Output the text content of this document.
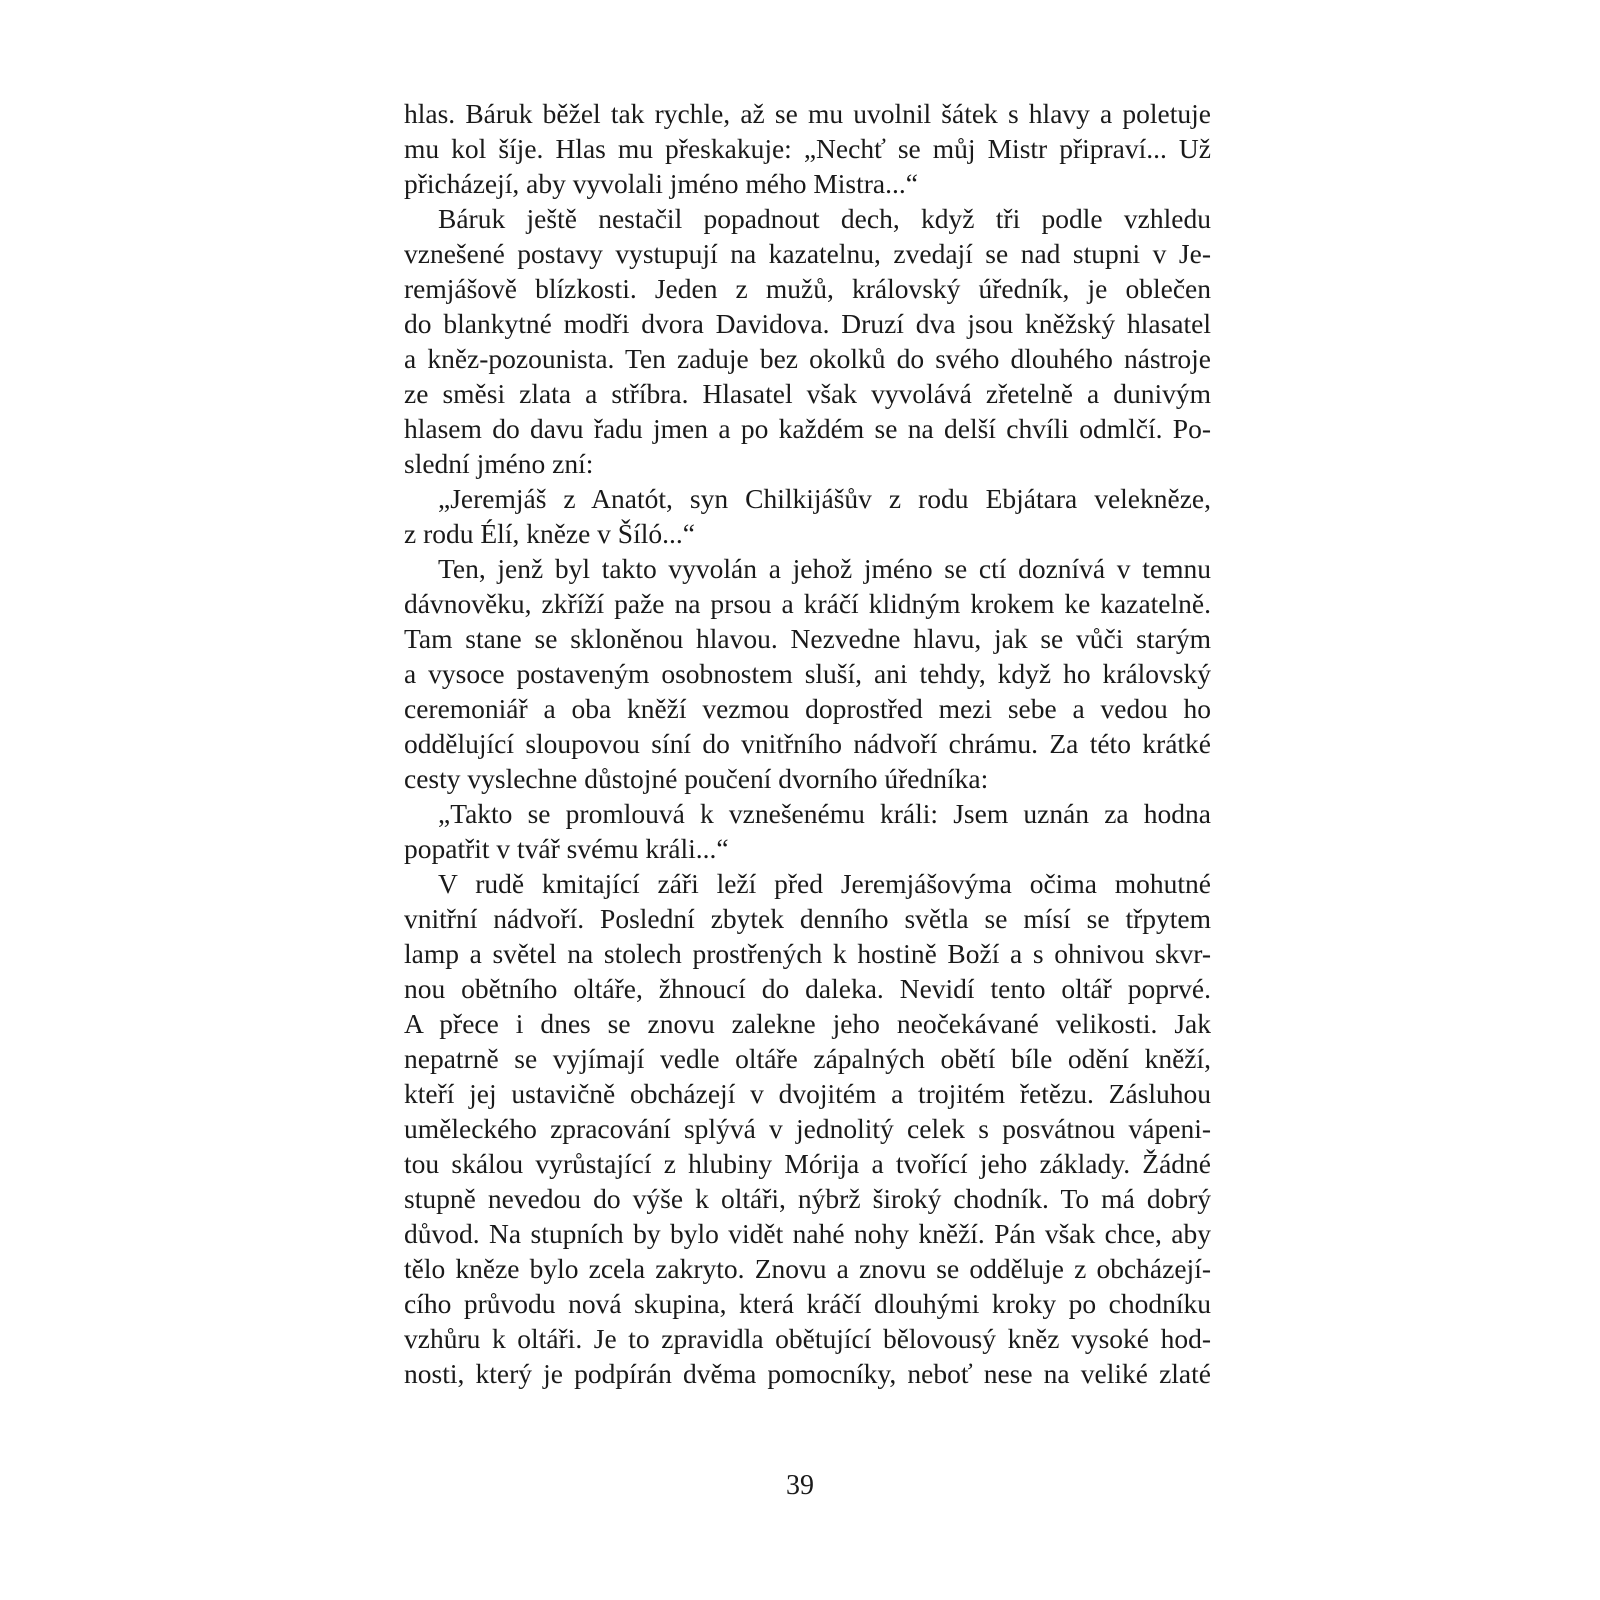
hlas. Báruk běžel tak rychle, až se mu uvolnil šátek s hlavy a poletuje
mu kol šíje. Hlas mu přeskakuje: „Nechť se můj Mistr připraví... Už
přicházejí, aby vyvolali jméno mého Mistra...“
Báruk ještě nestačil popadnout dech, když tři podle vzhledu
vznešené postavy vystupují na kazatelnu, zvedají se nad stupni v Je-
remjášově blízkosti. Jeden z mužů, královský úředník, je oblečen
do blankytné modři dvora Davidova. Druzí dva jsou kněžský hlasatel
a kněz-pozounista. Ten zaduje bez okolků do svého dlouhého nástroje
ze směsi zlata a stříbra. Hlasatel však vyvolává zřetelně a dunivým
hlasem do davu řadu jmen a po každém se na delší chvíli odmlčí. Po-
slední jméno zní:
„Jeremjáš z Anatót, syn Chilkijášův z rodu Ebjátara velekněze,
z rodu Élí, kněze v Šíló...“
Ten, jenž byl takto vyvolán a jehož jméno se ctí doznívá v temnu
dávnověku, zkříží paže na prsou a kráčí klidným krokem ke kazatelně.
Tam stane se skloněnou hlavou. Nezvedne hlavu, jak se vůči starým
a vysoce postaveným osobnostem sluší, ani tehdy, když ho královský
ceremoniář a oba kněží vezmou doprostřed mezi sebe a vedou ho
oddělující sloupovou síní do vnitřního nádvoří chrámu. Za této krátké
cesty vyslechne důstojné poučení dvorního úředníka:
„Takto se promlouvá k vznešenému králi: Jsem uznán za hodna
popatřit v tvář svému králi...“
V rudě kmitající záři leží před Jeremjášovýma očima mohutné
vnitřní nádvoří. Poslední zbytek denního světla se mísí se třpytem
lamp a světel na stolech prostřených k hostině Boží a s ohnivou skvr-
nou obětního oltáře, žhnoucí do daleka. Nevidí tento oltář poprvé.
A přece i dnes se znovu zalekne jeho neočekávané velikosti. Jak
nepatrně se vyjímají vedle oltáře zápalných obětí bíle odění kněží,
kteří jej ustavičně obcházejí v dvojitém a trojitém řetězu. Zásluhou
uměleckého zpracování splývá v jednolitý celek s posvátnou vápeni-
tou skálou vyrůstající z hlubiny Mórija a tvořící jeho základy. Žádné
stupně nevedou do výše k oltáři, nýbrž široký chodník. To má dobrý
důvod. Na stupních by bylo vidět nahé nohy kněží. Pán však chce, aby
tělo kněze bylo zcela zakryto. Znovu a znovu se odděluje z obcházejí-
cího průvodu nová skupina, která kráčí dlouhými kroky po chodníku
vzhůru k oltáři. Je to zpravidla obětující bělovousý kněz vysoké hod-
nosti, který je podpírán dvěma pomocníky, neboť nese na veliké zlaté
39
